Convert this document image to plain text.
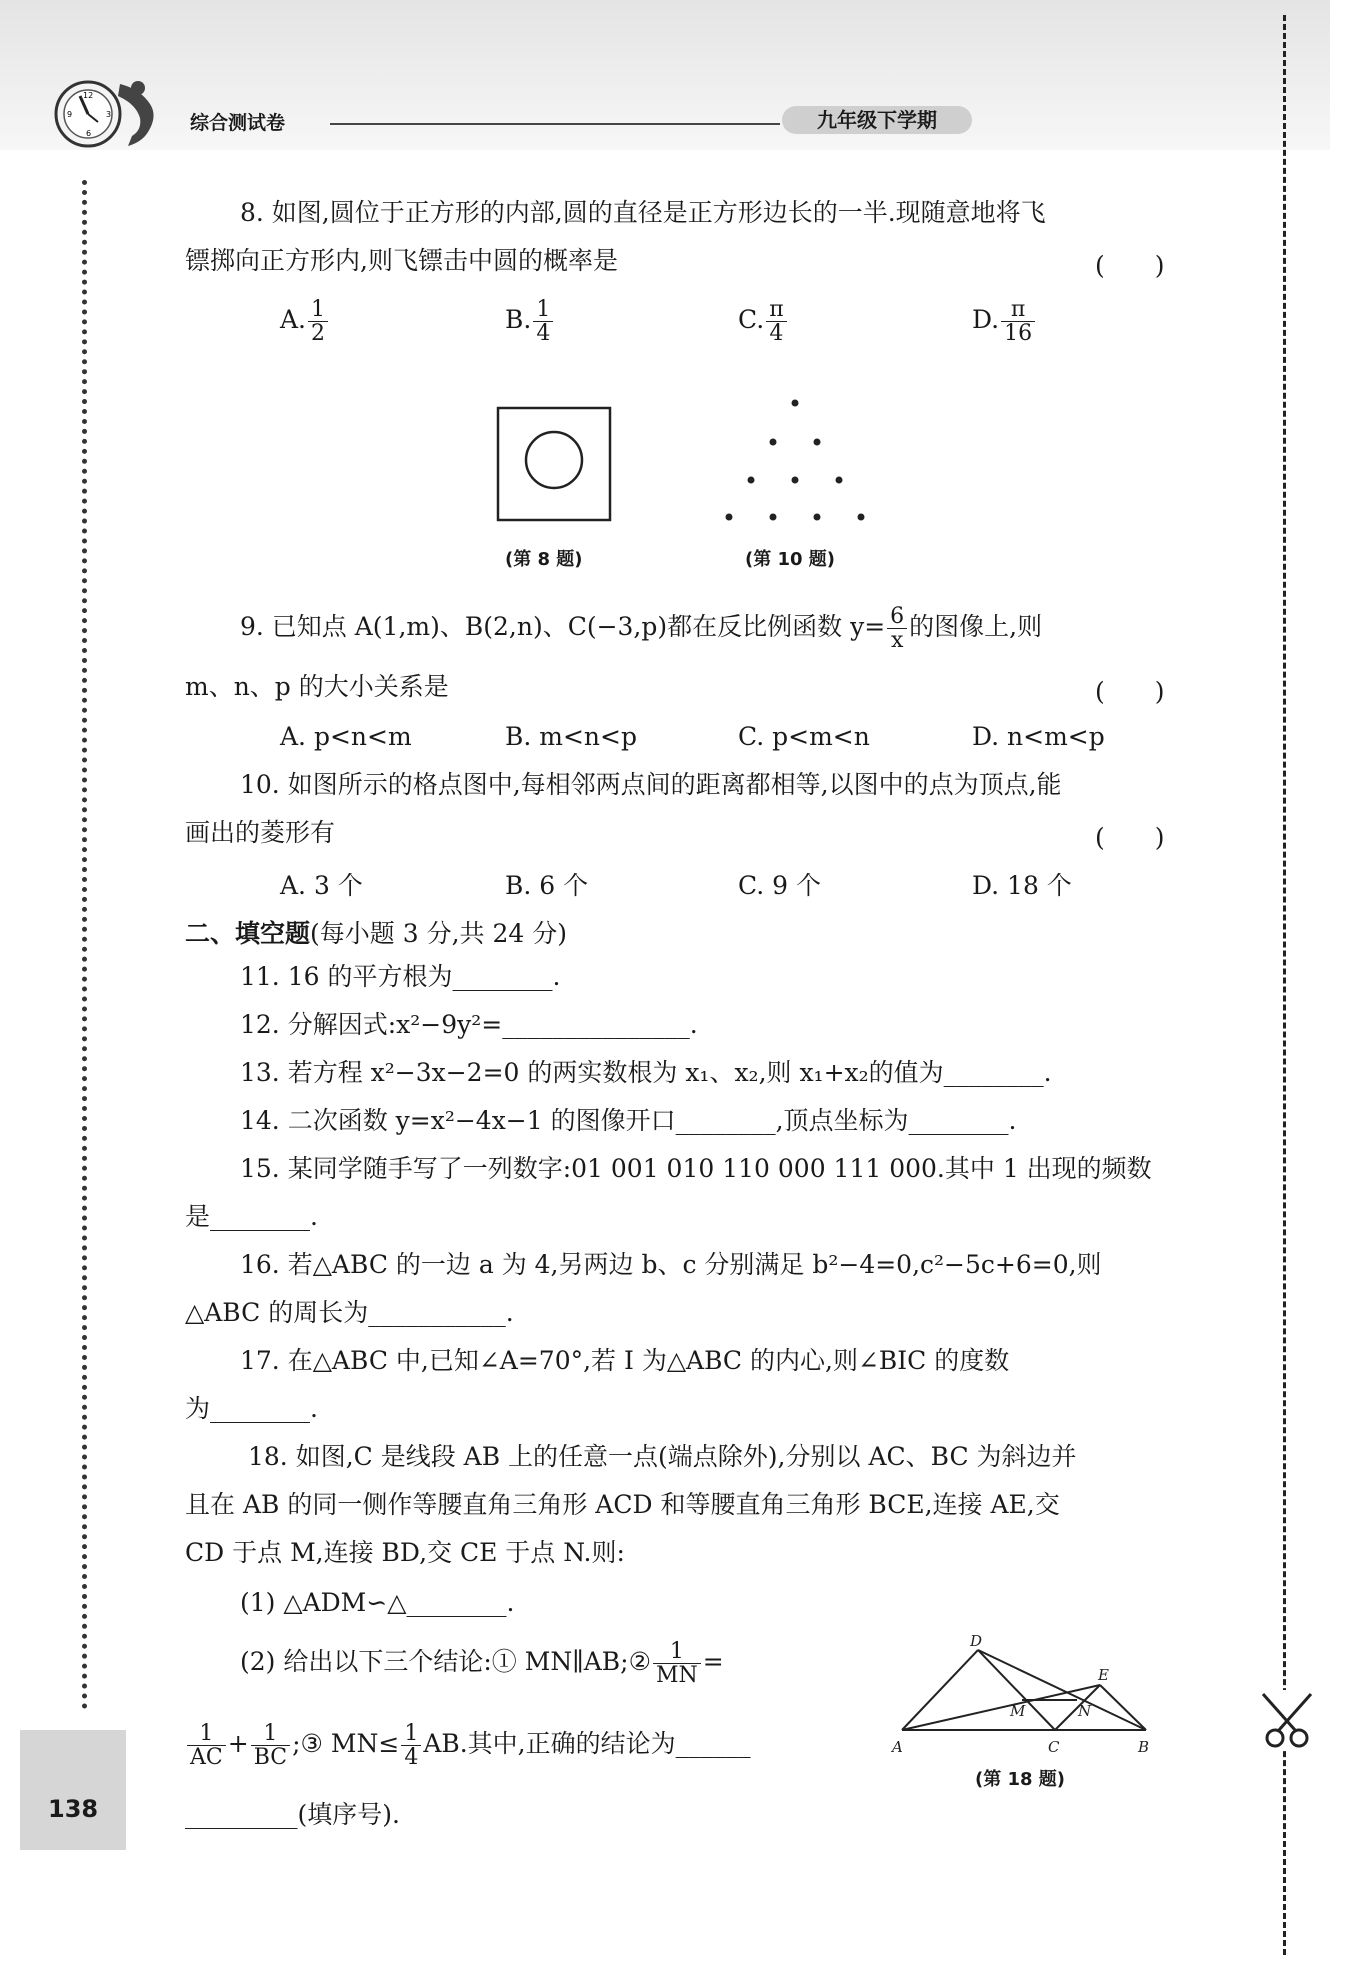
12
3
6
9	综合测试卷	九年级下学期
138
8. 如图,圆位于正方形的内部,圆的直径是正方形边长的一半.现随意地将飞
镖掷向正方形内,则飞镖击中圆的概率是	(　　)
A. $\frac{1}{2}$	B. $\frac{1}{4}$	C. $\frac{\pi}{4}$	D. $\frac{\pi}{16}$
(第 8 题)	(第 10 题)
9. 已知点 A(1,m)、B(2,n)、C(−3,p)都在反比例函数 $y= \frac{6}{x}$ 的图像上,则
m、n、p 的大小关系是	(　　)
A. p<n<m	B. m<n<p	C. p<m<n	D. n<m<p
10. 如图所示的格点图中,每相邻两点间的距离都相等,以图中的点为顶点,能
画出的菱形有	(　　)
A. 3 个	B. 6 个	C. 9 个	D. 18 个
二、填空题(每小题 3 分,共 24 分)
11. 16 的平方根为________.
12. 分解因式:x²−9y²=_______________.
13. 若方程 x²−3x−2=0 的两实数根为 x₁、x₂,则 x₁+x₂的值为________.
14. 二次函数 y=x²−4x−1 的图像开口________,顶点坐标为________.
15. 某同学随手写了一列数字:01 001 010 110 000 111 000.其中 1 出现的频数
是________.
16. 若△ABC 的一边 a 为 4,另两边 b、c 分别满足 b²−4=0,c²−5c+6=0,则
△ABC 的周长为___________.
17. 在△ABC 中,已知∠A=70°,若 I 为△ABC 的内心,则∠BIC 的度数
为________.
18. 如图,C 是线段 AB 上的任意一点(端点除外),分别以 AC、BC 为斜边并
且在 AB 的同一侧作等腰直角三角形 ACD 和等腰直角三角形 BCE,连接 AE,交
CD 于点 M,连接 BD,交 CE 于点 N.则:
(1) △ADM∽△________.
(2) 给出以下三个结论:① MN∥AB;② $\frac{1}{MN}$ =
$\frac{1}{AC} + \frac{1}{BC}$ ;③ $MN\le \frac{1}{4}$ AB.其中,正确的结论为______
_________(填序号).
A	B
C
D
E
M	N
(第 18 题)
